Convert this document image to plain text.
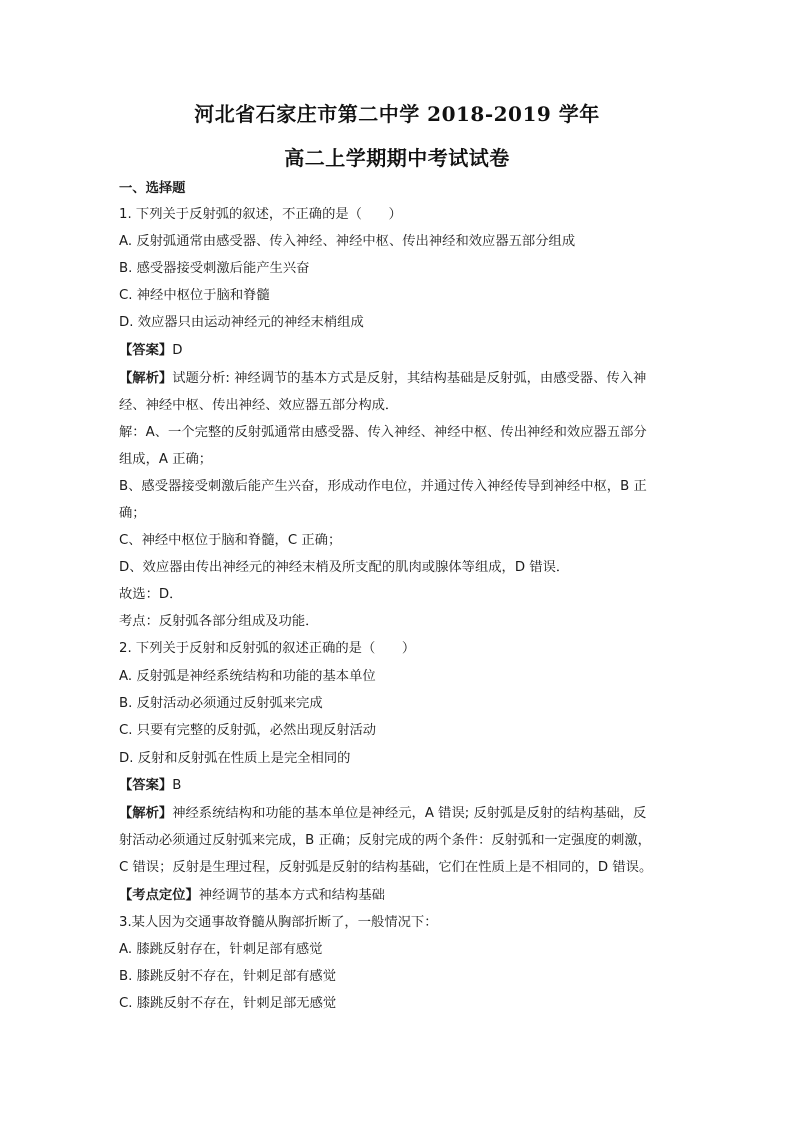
河北省石家庄市第二中学 2018-2019 学年
高二上学期期中考试试卷
一、选择题
1. 下列关于反射弧的叙述，不正确的是（　　）
A. 反射弧通常由感受器、传入神经、神经中枢、传出神经和效应器五部分组成
B. 感受器接受刺激后能产生兴奋
C. 神经中枢位于脑和脊髓
D. 效应器只由运动神经元的神经末梢组成
【答案】D
【解析】试题分析: 神经调节的基本方式是反射，其结构基础是反射弧，由感受器、传入神
经、神经中枢、传出神经、效应器五部分构成．
解：A、一个完整的反射弧通常由感受器、传入神经、神经中枢、传出神经和效应器五部分
组成，A 正确；
B、感受器接受刺激后能产生兴奋，形成动作电位，并通过传入神经传导到神经中枢，B 正
确；
C、神经中枢位于脑和脊髓，C 正确；
D、效应器由传出神经元的神经末梢及所支配的肌肉或腺体等组成，D 错误．
故选：D．
考点：反射弧各部分组成及功能．
2. 下列关于反射和反射弧的叙述正确的是（　　）
A. 反射弧是神经系统结构和功能的基本单位
B. 反射活动必须通过反射弧来完成
C. 只要有完整的反射弧，必然出现反射活动
D. 反射和反射弧在性质上是完全相同的
【答案】B
【解析】神经系统结构和功能的基本单位是神经元，A 错误; 反射弧是反射的结构基础，反
射活动必须通过反射弧来完成，B 正确；反射完成的两个条件：反射弧和一定强度的刺激，
C 错误；反射是生理过程，反射弧是反射的结构基础，它们在性质上是不相同的，D 错误。
【考点定位】神经调节的基本方式和结构基础
3.某人因为交通事故脊髓从胸部折断了，一般情况下：
A. 膝跳反射存在，针刺足部有感觉
B. 膝跳反射不存在，针刺足部有感觉
C. 膝跳反射不存在，针刺足部无感觉
